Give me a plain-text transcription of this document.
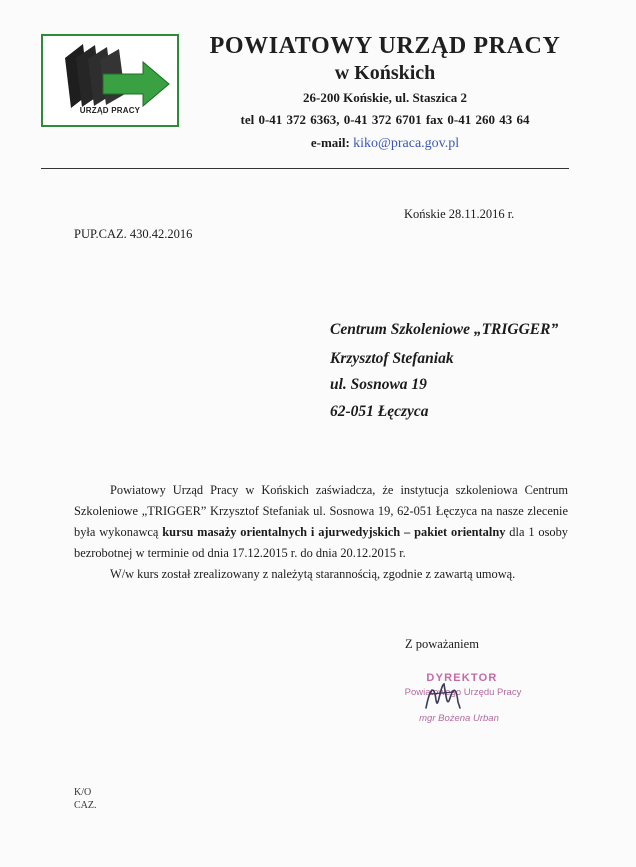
URZĄD PRACY
POWIATOWY URZĄD PRACY
w Końskich
26-200 Końskie, ul. Staszica 2
tel 0-41 372 6363, 0-41 372 6701 fax 0-41 260 43 64
e-mail: kiko@praca.gov.pl
Końskie 28.11.2016 r.
PUP.CAZ. 430.42.2016
Centrum Szkoleniowe „TRIGGER”
Krzysztof Stefaniak
ul. Sosnowa 19
62-051 Łęczyca

Powiatowy Urząd Pracy w Końskich zaświadcza, że instytucja szkoleniowa Centrum Szkoleniowe „TRIGGER” Krzysztof Stefaniak ul. Sosnowa 19, 62-051 Łęczyca na nasze zlecenie była wykonawcą kursu masaży orientalnych i ajurwedyjskich – pakiet orientalny dla 1 osoby bezrobotnej w terminie od dnia 17.12.2015 r. do dnia 20.12.2015 r.

W/w kurs został zrealizowany z należytą starannością, zgodnie z zawartą umową.

Z poważaniem
DYREKTOR
Powiatowego Urzędu Pracy
mgr Bożena Urban
K/O
CAZ.
